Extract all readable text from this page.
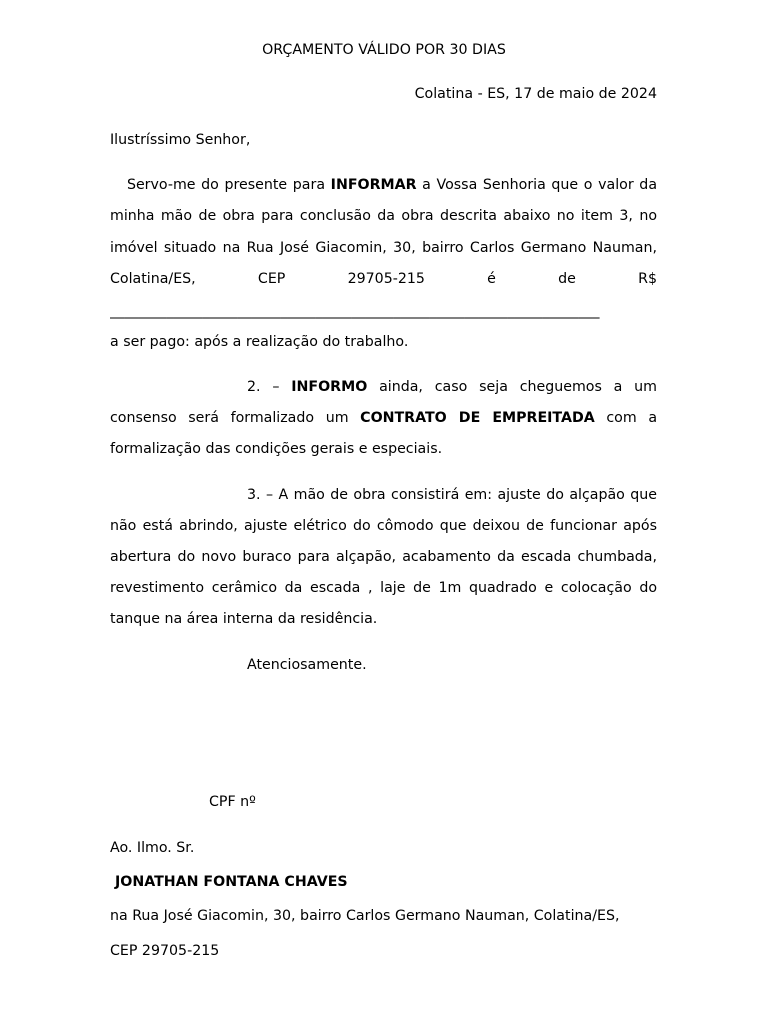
ORÇAMENTO VÁLIDO POR 30 DIAS
Colatina - ES, 17 de maio de 2024
Ilustríssimo Senhor,
Servo-me do presente para INFORMAR a Vossa Senhoria que o valor da
minha mão de obra para conclusão da obra descrita abaixo no item 3, no
imóvel situado na Rua José Giacomin, 30, bairro Carlos Germano Nauman,
Colatina/ES,	CEP	29705-215	é	de	R$
_____________________________________________________________________
a ser pago: após a realização do trabalho.
2. – INFORMO ainda, caso seja cheguemos a um
consenso será formalizado um CONTRATO DE EMPREITADA com a
formalização das condições gerais e especiais.
3. – A mão de obra consistirá em: ajuste do alçapão que
não está abrindo, ajuste elétrico do cômodo que deixou de funcionar após
abertura do novo buraco para alçapão, acabamento da escada chumbada,
revestimento cerâmico da escada , laje de 1m quadrado e colocação do
tanque na área interna da residência.
Atenciosamente.
CPF nº
Ao. Ilmo. Sr.
JONATHAN FONTANA CHAVES
na Rua José Giacomin, 30, bairro Carlos Germano Nauman, Colatina/ES,
CEP 29705-215
